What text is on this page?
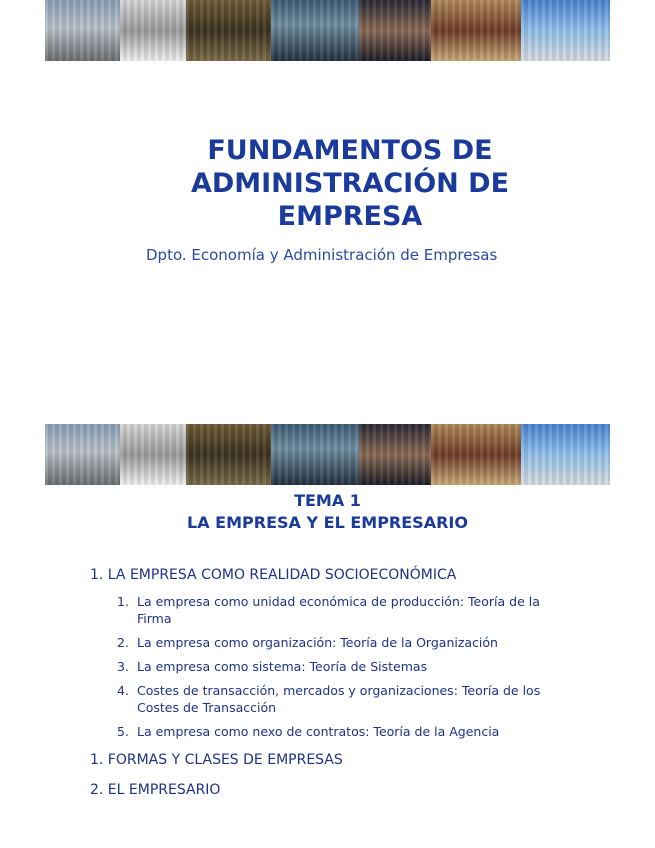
FUNDAMENTOS DE
ADMINISTRACIÓN DE
EMPRESA
Dpto. Economía y Administración de Empresas
TEMA 1
LA EMPRESA Y EL EMPRESARIO
1. LA EMPRESA COMO REALIDAD SOCIOECONÓMICA
1. La empresa como unidad económica de producción: Teoría de la Firma
2. La empresa como organización: Teoría de la Organización
3. La empresa como sistema: Teoría de Sistemas
4. Costes de transacción, mercados y organizaciones: Teoría de los Costes de Transacción
5. La empresa como nexo de contratos: Teoría de la Agencia
1. FORMAS Y CLASES DE EMPRESAS
2. EL EMPRESARIO
